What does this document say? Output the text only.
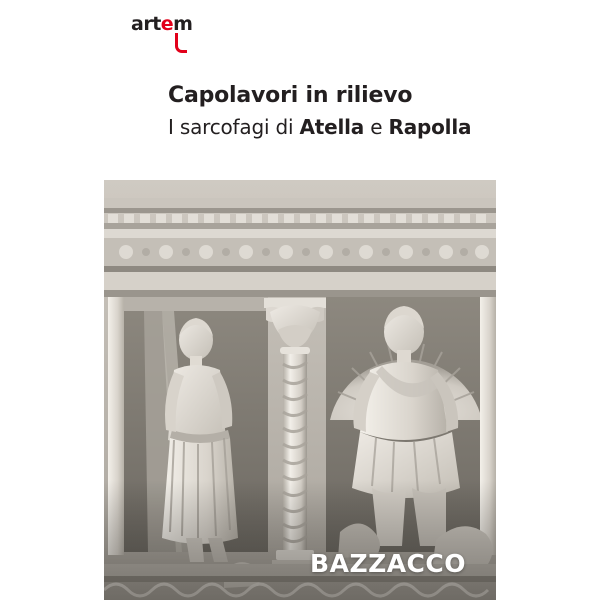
artem
Capolavori in rilievo

I sarcofagi di Atella e Rapolla

BAZZACCO
